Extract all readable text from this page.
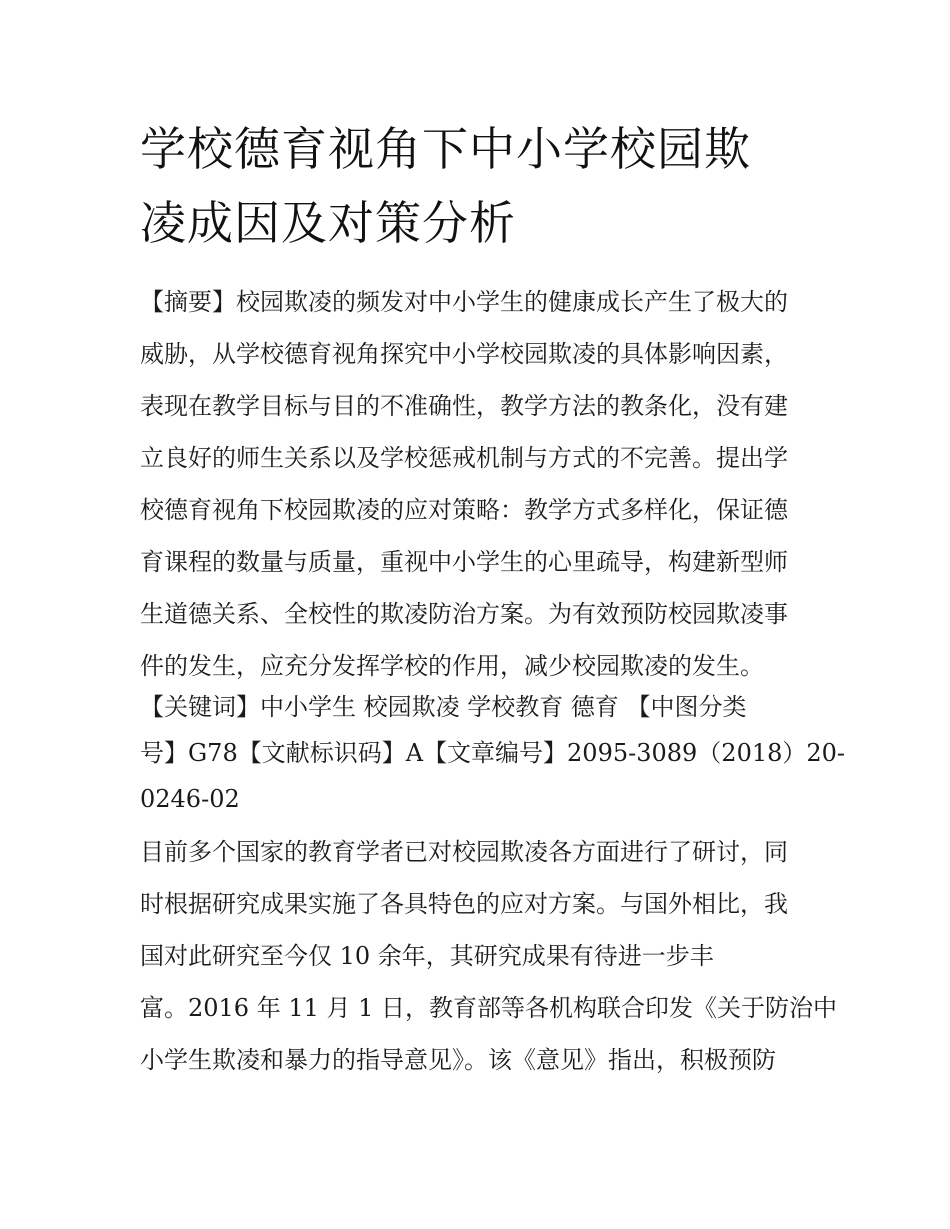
学校德育视角下中小学校园欺
凌成因及对策分析
【摘要】校园欺凌的频发对中小学生的健康成长产生了极大的
威胁，从学校德育视角探究中小学校园欺凌的具体影响因素，
表现在教学目标与目的不准确性，教学方法的教条化，没有建
立良好的师生关系以及学校惩戒机制与方式的不完善。提出学
校德育视角下校园欺凌的应对策略：教学方式多样化，保证德
育课程的数量与质量，重视中小学生的心里疏导，构建新型师
生道德关系、全校性的欺凌防治方案。为有效预防校园欺凌事
件的发生，应充分发挥学校的作用，减少校园欺凌的发生。
【关键词】中小学生 校园欺凌 学校教育 德育 【中图分类
号】G78【文献标识码】A【文章编号】2095-3089（2018）20-
0246-02
目前多个国家的教育学者已对校园欺凌各方面进行了研讨，同
时根据研究成果实施了各具特色的应对方案。与国外相比，我
国对此研究至今仅 10 余年，其研究成果有待进一步丰
富。2016 年 11 月 1 日，教育部等各机构联合印发《关于防治中
小学生欺凌和暴力的指导意见》。该《意见》指出，积极预防
